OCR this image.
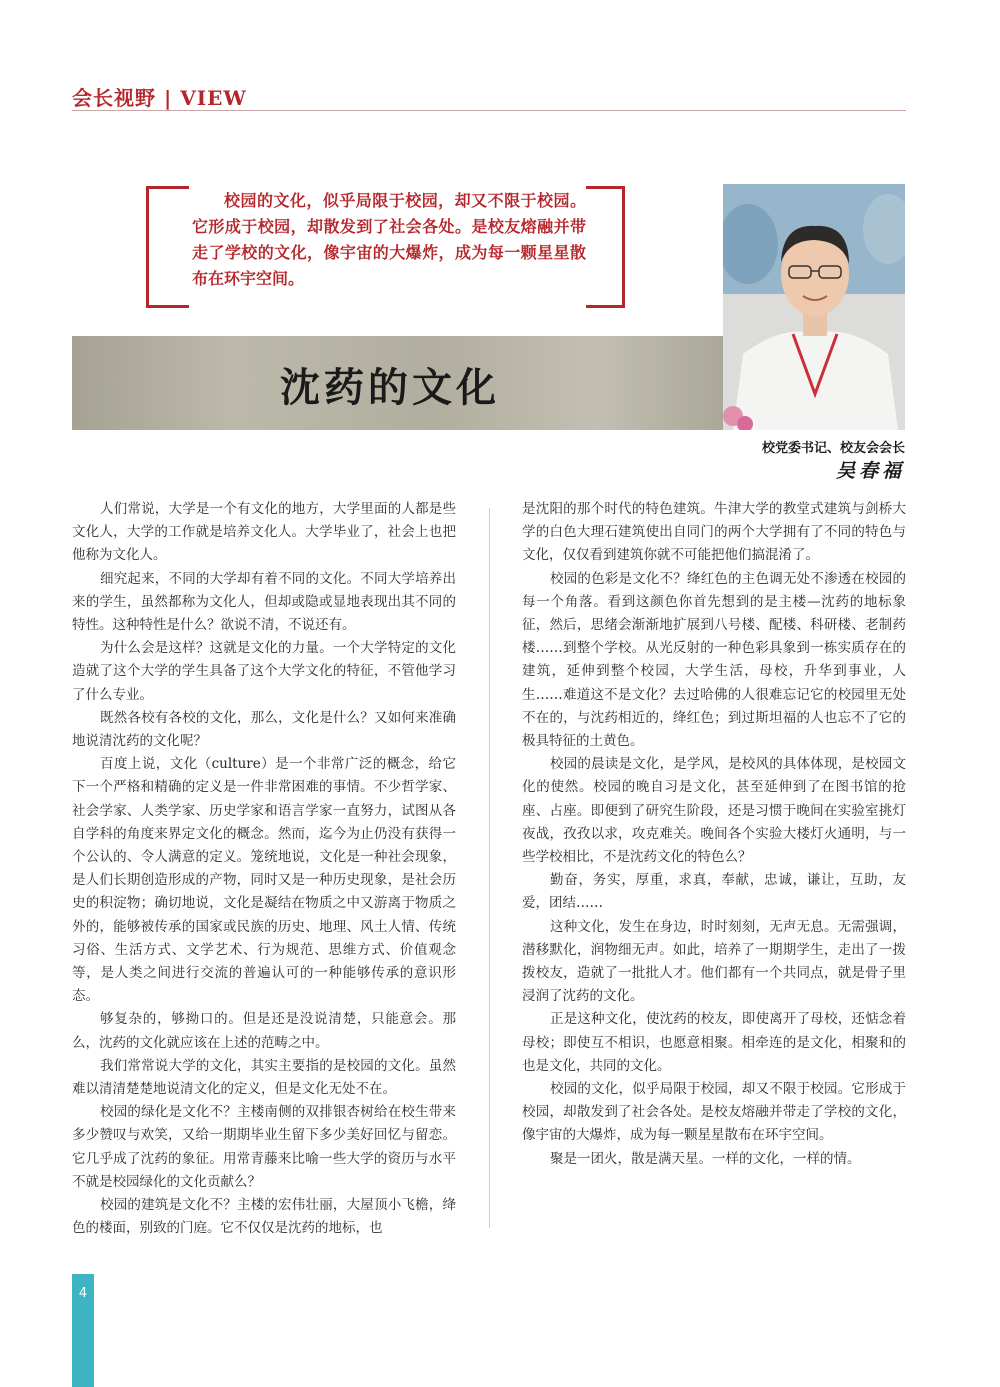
会长视野 | VIEW
校园的文化，似乎局限于校园，却又不限于校园。它形成于校园，却散发到了社会各处。是校友熔融并带走了学校的文化，像宇宙的大爆炸，成为每一颗星星散布在环宇空间。
沈药的文化
校党委书记、校友会会长
吴春福

人们常说，大学是一个有文化的地方，大学里面的人都是些文化人，大学的工作就是培养文化人。大学毕业了，社会上也把他称为文化人。

细究起来，不同的大学却有着不同的文化。不同大学培养出来的学生，虽然都称为文化人，但却或隐或显地表现出其不同的特性。这种特性是什么？欲说不清，不说还有。

为什么会是这样？这就是文化的力量。一个大学特定的文化造就了这个大学的学生具备了这个大学文化的特征，不管他学习了什么专业。

既然各校有各校的文化，那么，文化是什么？又如何来准确地说清沈药的文化呢？

百度上说，文化（culture）是一个非常广泛的概念，给它下一个严格和精确的定义是一件非常困难的事情。不少哲学家、社会学家、人类学家、历史学家和语言学家一直努力，试图从各自学科的角度来界定文化的概念。然而，迄今为止仍没有获得一个公认的、令人满意的定义。笼统地说，文化是一种社会现象，是人们长期创造形成的产物，同时又是一种历史现象，是社会历史的积淀物；确切地说，文化是凝结在物质之中又游离于物质之外的，能够被传承的国家或民族的历史、地理、风土人情、传统习俗、生活方式、文学艺术、行为规范、思维方式、价值观念等，是人类之间进行交流的普遍认可的一种能够传承的意识形态。

够复杂的，够拗口的。但是还是没说清楚，只能意会。那么，沈药的文化就应该在上述的范畴之中。

我们常常说大学的文化，其实主要指的是校园的文化。虽然难以清清楚楚地说清文化的定义，但是文化无处不在。

校园的绿化是文化不？主楼南侧的双排银杏树给在校生带来多少赞叹与欢笑，又给一期期毕业生留下多少美好回忆与留恋。它几乎成了沈药的象征。用常青藤来比喻一些大学的资历与水平不就是校园绿化的文化贡献么？

校园的建筑是文化不？主楼的宏伟壮丽，大屋顶小飞檐，绛色的楼面，别致的门庭。它不仅仅是沈药的地标，也

是沈阳的那个时代的特色建筑。牛津大学的教堂式建筑与剑桥大学的白色大理石建筑使出自同门的两个大学拥有了不同的特色与文化，仅仅看到建筑你就不可能把他们搞混淆了。

校园的色彩是文化不？绛红色的主色调无处不渗透在校园的每一个角落。看到这颜色你首先想到的是主楼—沈药的地标象征，然后，思绪会渐渐地扩展到八号楼、配楼、科研楼、老制药楼……到整个学校。从光反射的一种色彩具象到一栋实质存在的建筑，延伸到整个校园，大学生活，母校，升华到事业，人生……难道这不是文化？去过哈佛的人很难忘记它的校园里无处不在的，与沈药相近的，绛红色；到过斯坦福的人也忘不了它的极具特征的土黄色。

校园的晨读是文化，是学风，是校风的具体体现，是校园文化的使然。校园的晚自习是文化，甚至延伸到了在图书馆的抢座、占座。即便到了研究生阶段，还是习惯于晚间在实验室挑灯夜战，孜孜以求，攻克难关。晚间各个实验大楼灯火通明，与一些学校相比，不是沈药文化的特色么？

勤奋，务实，厚重，求真，奉献，忠诚，谦让，互助，友爱，团结……

这种文化，发生在身边，时时刻刻，无声无息。无需强调，潜移默化，润物细无声。如此，培养了一期期学生，走出了一拨拨校友，造就了一批批人才。他们都有一个共同点，就是骨子里浸润了沈药的文化。

正是这种文化，使沈药的校友，即使离开了母校，还惦念着母校；即使互不相识，也愿意相聚。相牵连的是文化，相聚和的也是文化，共同的文化。

校园的文化，似乎局限于校园，却又不限于校园。它形成于校园，却散发到了社会各处。是校友熔融并带走了学校的文化，像宇宙的大爆炸，成为每一颗星星散布在环宇空间。

聚是一团火，散是满天星。一样的文化，一样的情。

4
